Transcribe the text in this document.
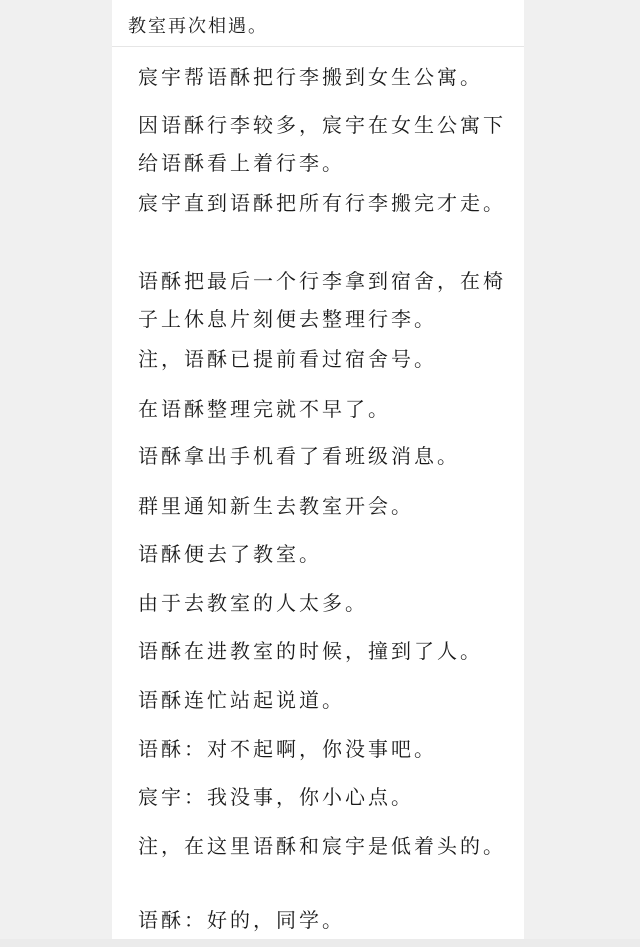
教室再次相遇。
宸宇帮语酥把行李搬到女生公寓。
因语酥行李较多，宸宇在女生公寓下给语酥看上着行李。
宸宇直到语酥把所有行李搬完才走。
语酥把最后一个行李拿到宿舍，在椅子上休息片刻便去整理行李。
注，语酥已提前看过宿舍号。
在语酥整理完就不早了。
语酥拿出手机看了看班级消息。
群里通知新生去教室开会。
语酥便去了教室。
由于去教室的人太多。
语酥在进教室的时候，撞到了人。
语酥连忙站起说道。
语酥：对不起啊，你没事吧。
宸宇：我没事，你小心点。
注，在这里语酥和宸宇是低着头的。
语酥：好的，同学。
